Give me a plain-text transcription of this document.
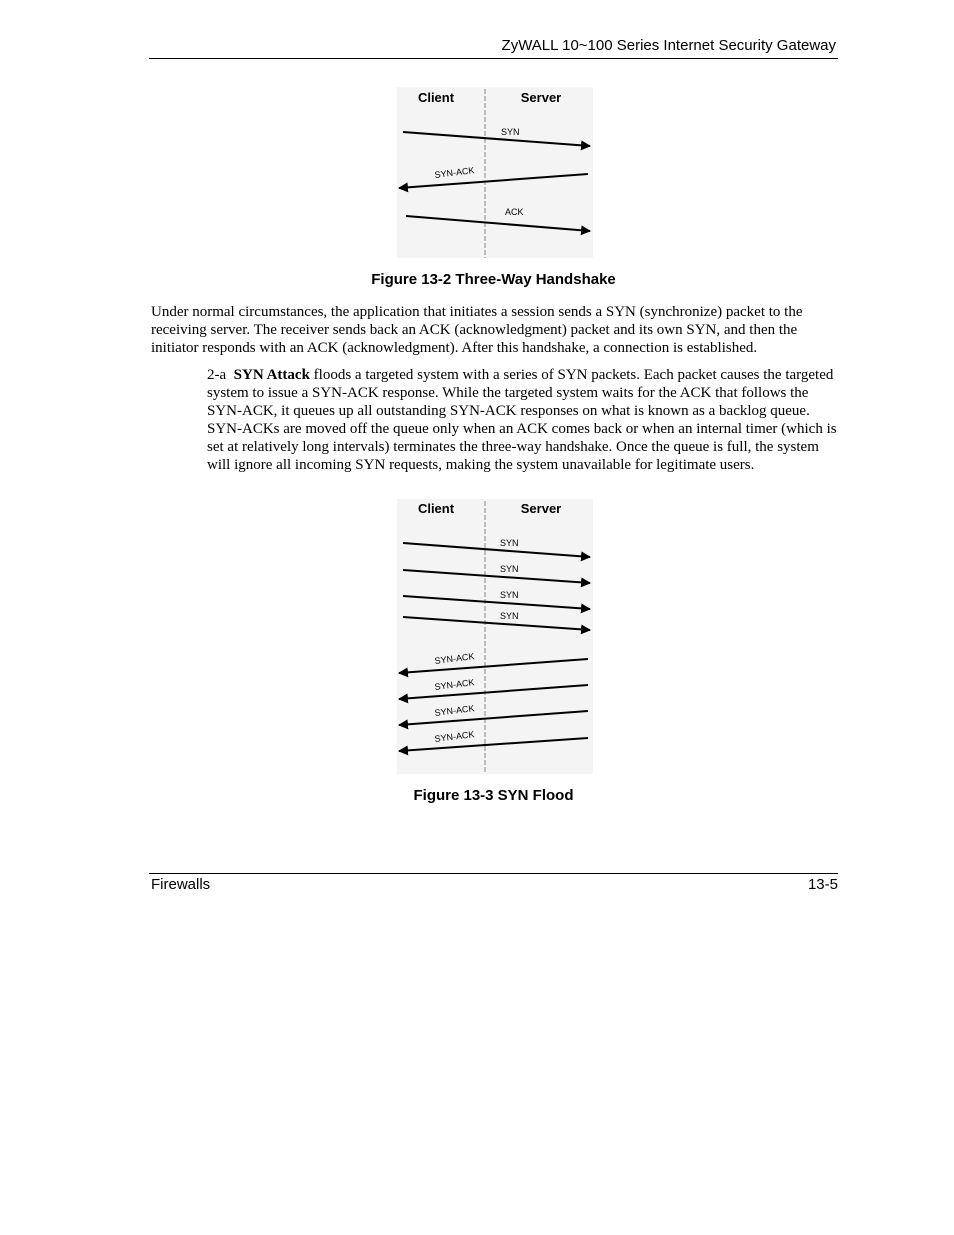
ZyWALL 10~100 Series Internet Security Gateway
Client	Server
SYN
SYN-ACK
ACK
Figure 13-2 Three-Way Handshake
Under normal circumstances, the application that initiates a session sends a SYN (synchronize) packet to the receiving server. The receiver sends back an ACK (acknowledgment) packet and its own SYN, and then the initiator responds with an ACK (acknowledgment). After this handshake, a connection is established.
2-a SYN Attack floods a targeted system with a series of SYN packets. Each packet causes the targeted system to issue a SYN-ACK response. While the targeted system waits for the ACK that follows the SYN-ACK, it queues up all outstanding SYN-ACK responses on what is known as a backlog queue. SYN-ACKs are moved off the queue only when an ACK comes back or when an internal timer (which is set at relatively long intervals) terminates the three-way handshake. Once the queue is full, the system will ignore all incoming SYN requests, making the system unavailable for legitimate users.
Client	Server
SYN
SYN
SYN
SYN
SYN-ACK
SYN-ACK
SYN-ACK
SYN-ACK
Figure 13-3 SYN Flood
Firewalls	13-5
